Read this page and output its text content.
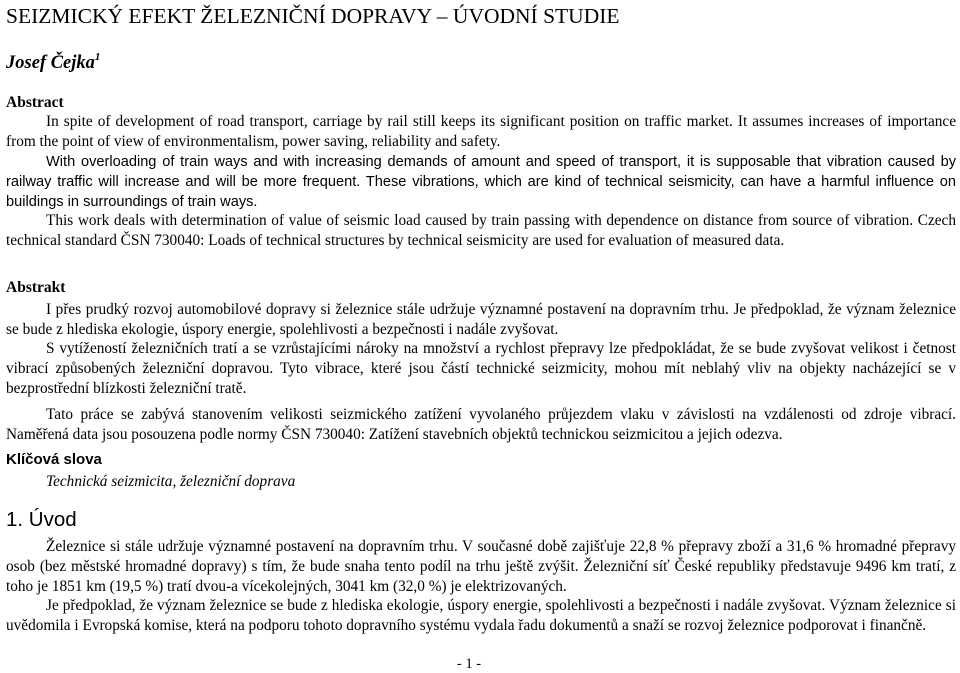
SEIZMICKÝ EFEKT ŽELEZNIČNÍ DOPRAVY – ÚVODNÍ STUDIE
Josef Čejka$^1$
Abstract
In spite of development of road transport, carriage by rail still keeps its significant position on traffic market. It assumes increases of importance from the point of view of environmentalism, power saving, reliability and safety.
With overloading of train ways and with increasing demands of amount and speed of transport, it is supposable that vibration caused by railway traffic will increase and will be more frequent. These vibrations, which are kind of technical seismicity, can have a harmful influence on buildings in surroundings of train ways.
This work deals with determination of value of seismic load caused by train passing with dependence on distance from source of vibration. Czech technical standard ČSN 730040: Loads of technical structures by technical seismicity are used for evaluation of measured data.
Abstrakt
I přes prudký rozvoj automobilové dopravy si železnice stále udržuje významné postavení na dopravním trhu. Je předpoklad, že význam železnice se bude z hlediska ekologie, úspory energie, spolehlivosti a bezpečnosti i nadále zvyšovat.
S vytížeností železničních tratí a se vzrůstajícími nároky na množství a rychlost přepravy lze předpokládat, že se bude zvyšovat velikost i četnost vibrací způsobených železniční dopravou. Tyto vibrace, které jsou částí technické seizmicity, mohou mít neblahý vliv na objekty nacházející se v bezprostřední blízkosti železniční tratě.
Tato práce se zabývá stanovením velikosti seizmického zatížení vyvolaného průjezdem vlaku v závislosti na vzdálenosti od zdroje vibrací. Naměřená data jsou posouzena podle normy ČSN 730040: Zatížení stavebních objektů technickou seizmicitou a jejich odezva.
Klíčová slova
Technická seizmicita, železniční doprava
1. Úvod
Železnice si stále udržuje významné postavení na dopravním trhu. V současné době zajišťuje 22,8 % přepravy zboží a 31,6 % hromadné přepravy osob (bez městské hromadné dopravy) s tím, že bude snaha tento podíl na trhu ještě zvýšit. Železniční síť České republiky představuje 9496 km tratí, z toho je 1851 km (19,5 %) tratí dvou-a vícekolejných, 3041 km (32,0 %) je elektrizovaných.
Je předpoklad, že význam železnice se bude z hlediska ekologie, úspory energie, spolehlivosti a bezpečnosti i nadále zvyšovat. Význam železnice si uvědomila i Evropská komise, která na podporu tohoto dopravního systému vydala řadu dokumentů a snaží se rozvoj železnice podporovat i finančně.
- 1 -
